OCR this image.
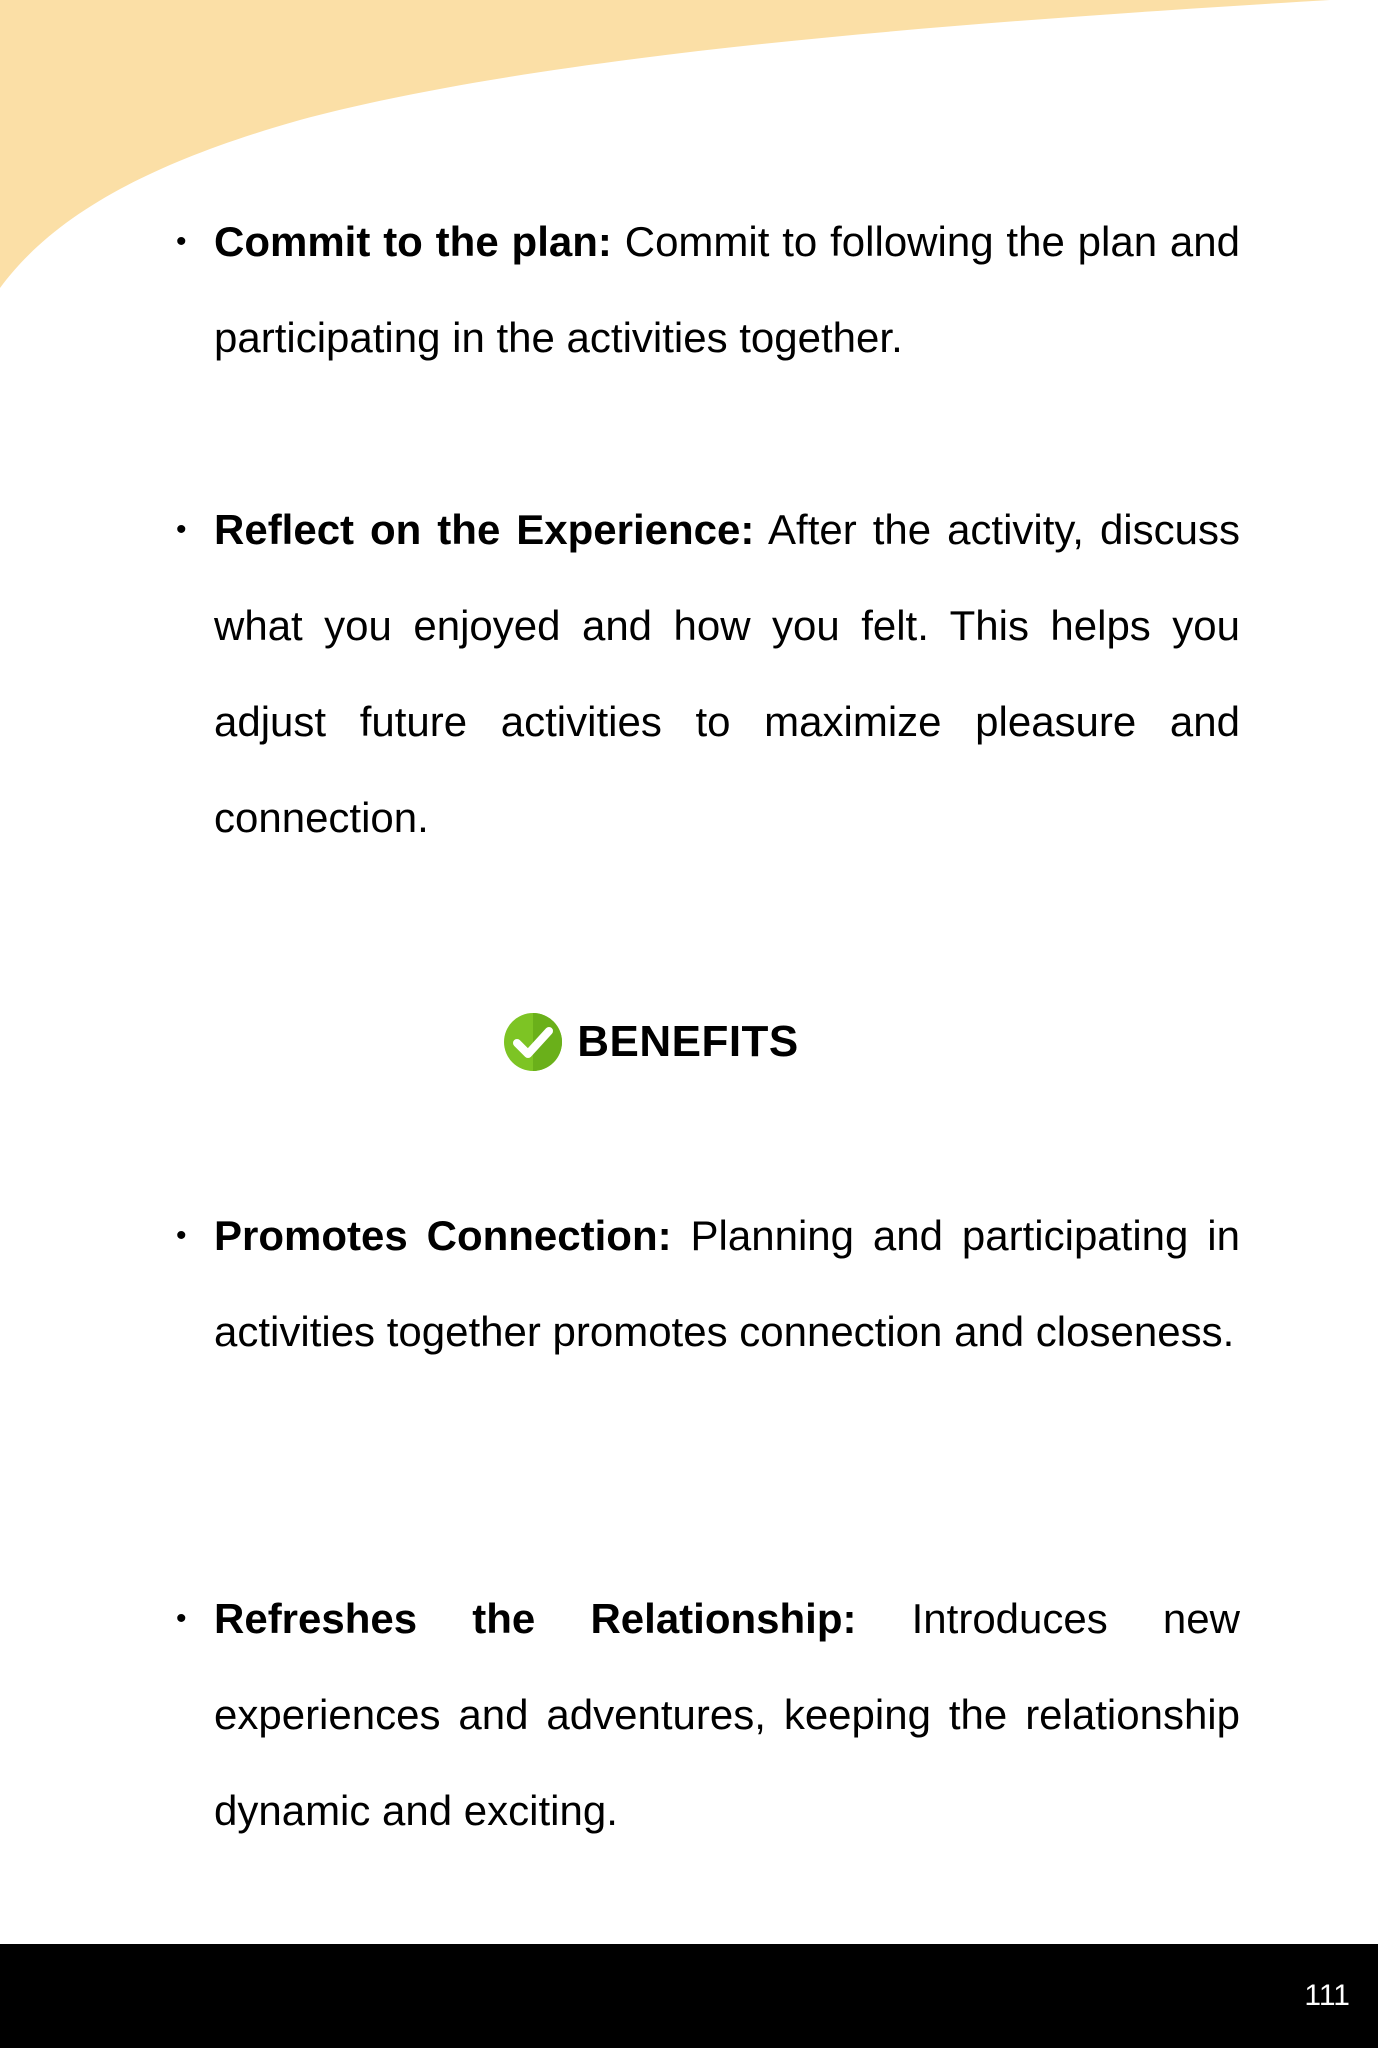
• Commit to the plan: Commit to following the plan and participating in the activities together.
• Reflect on the Experience: After the activity, discuss what you enjoyed and how you felt. This helps you adjust future activities to maximize pleasure and connection.
BENEFITS
• Promotes Connection: Planning and participating in activities together promotes connection and closeness.
• Refreshes the Relationship: Introduces new experiences and adventures, keeping the relationship dynamic and exciting.
111
